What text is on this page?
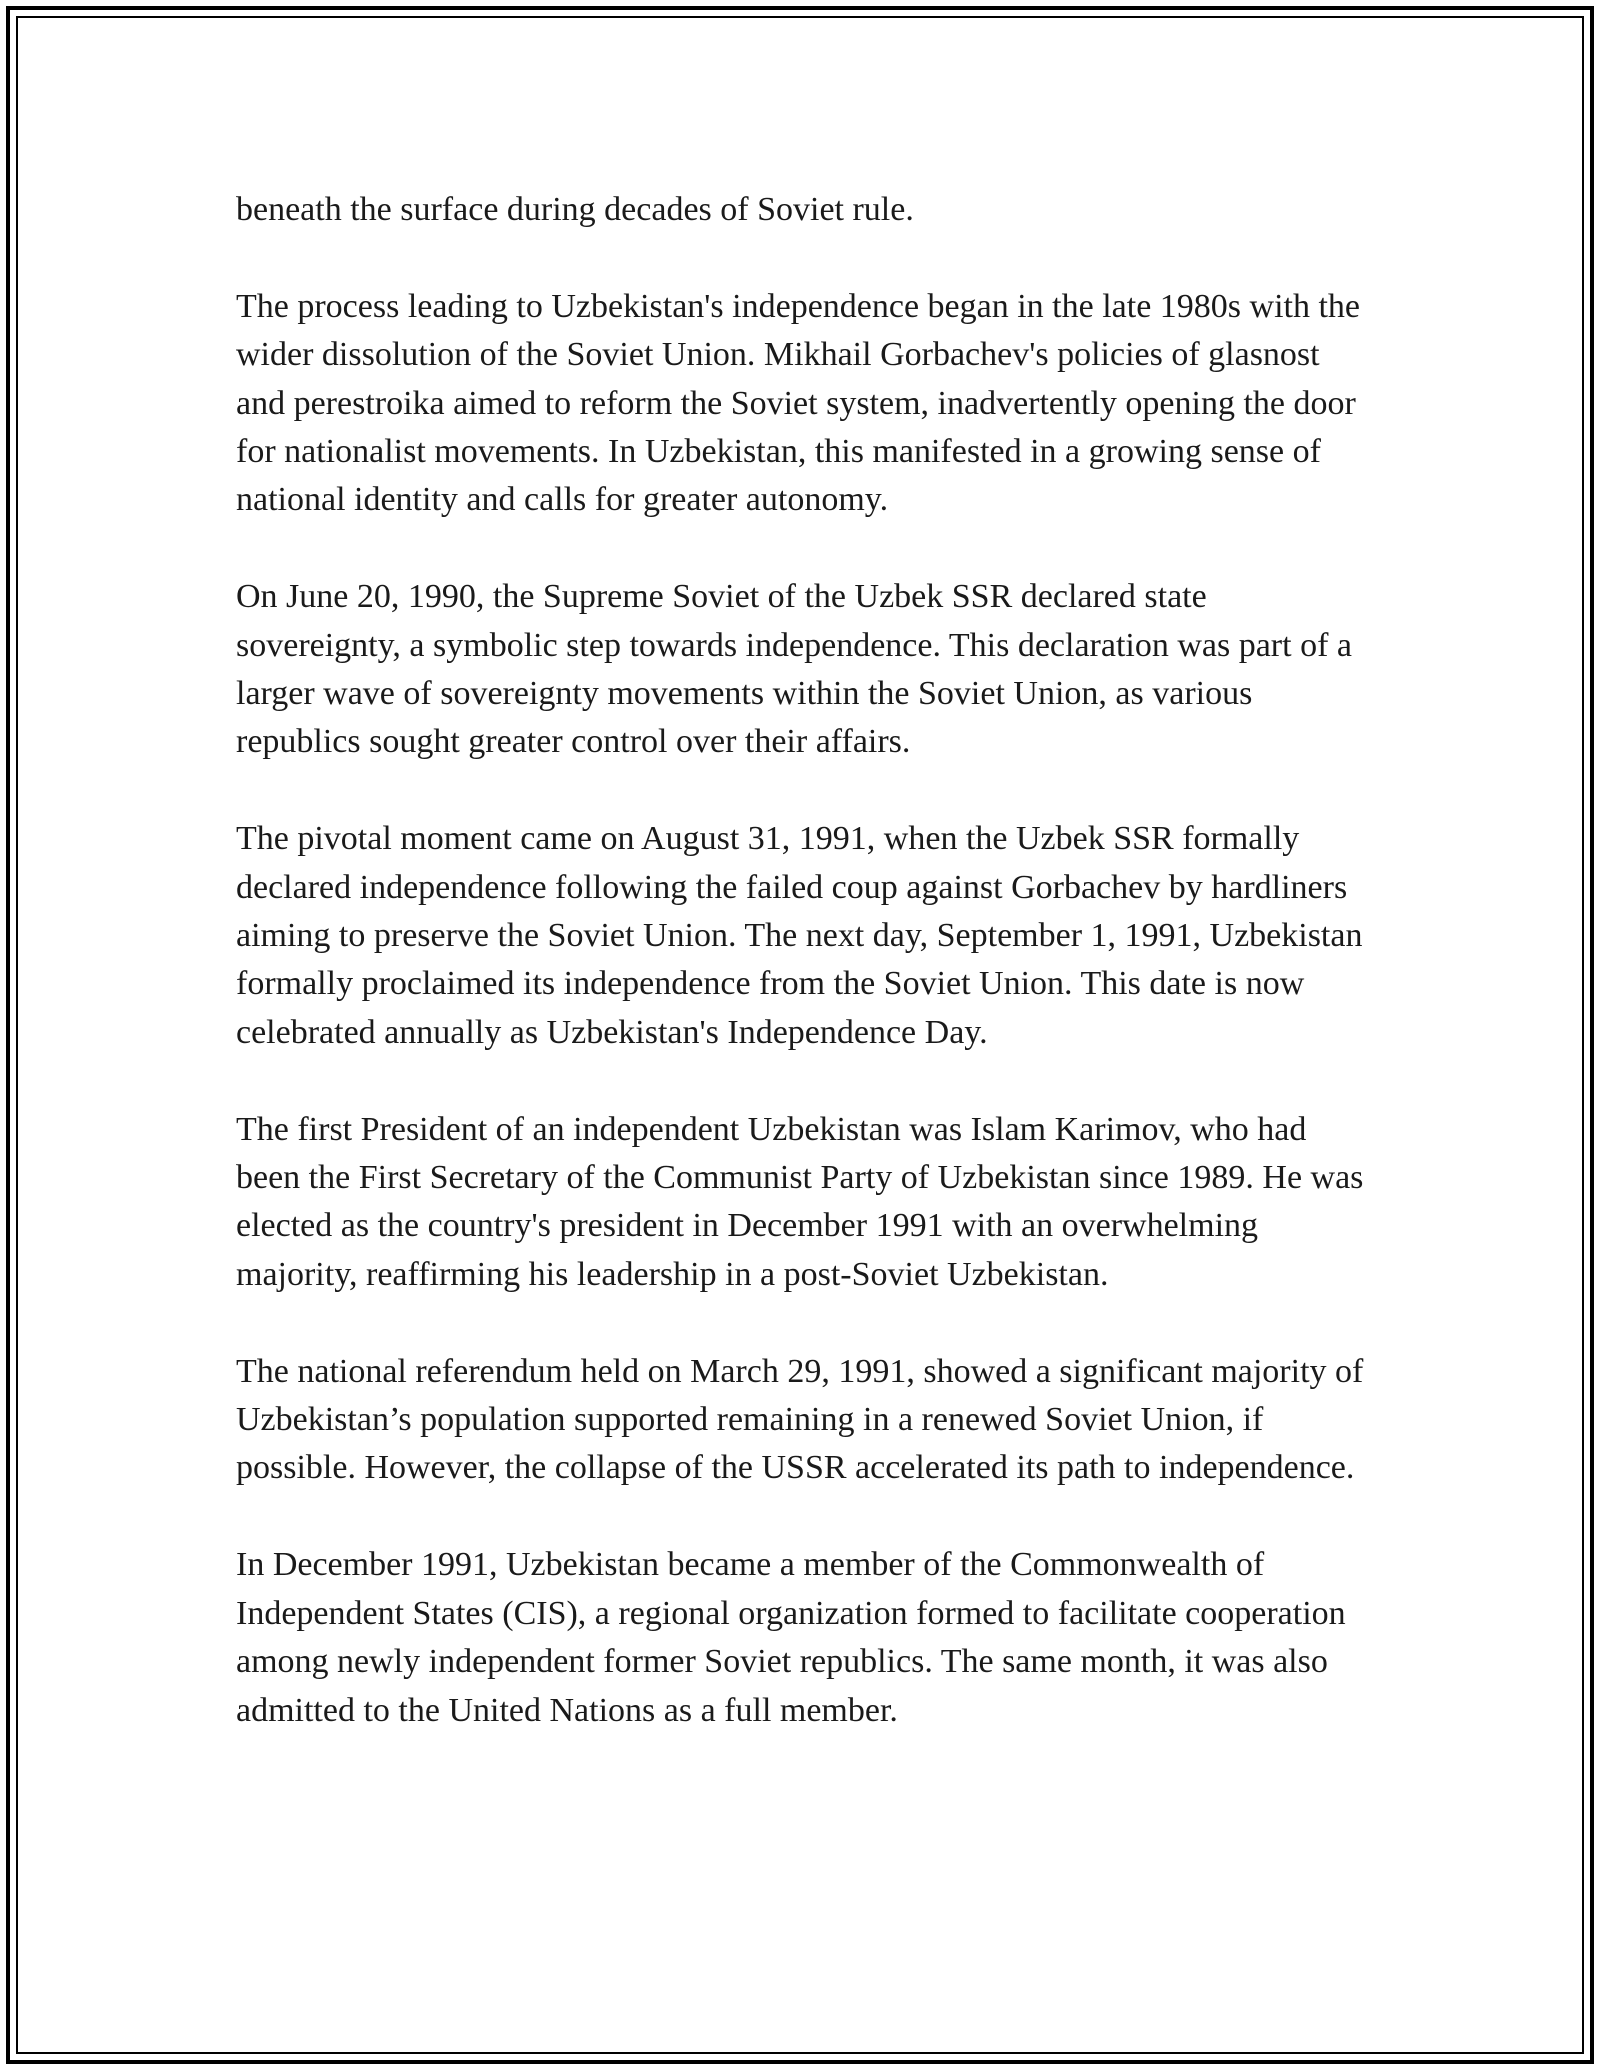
beneath the surface during decades of Soviet rule.

The process leading to Uzbekistan's independence began in the late 1980s with the wider dissolution of the Soviet Union. Mikhail Gorbachev's policies of glasnost and perestroika aimed to reform the Soviet system, inadvertently opening the door for nationalist movements. In Uzbekistan, this manifested in a growing sense of national identity and calls for greater autonomy.

On June 20, 1990, the Supreme Soviet of the Uzbek SSR declared state sovereignty, a symbolic step towards independence. This declaration was part of a larger wave of sovereignty movements within the Soviet Union, as various republics sought greater control over their affairs.

The pivotal moment came on August 31, 1991, when the Uzbek SSR formally declared independence following the failed coup against Gorbachev by hardliners aiming to preserve the Soviet Union. The next day, September 1, 1991, Uzbekistan formally proclaimed its independence from the Soviet Union. This date is now celebrated annually as Uzbekistan's Independence Day.

The first President of an independent Uzbekistan was Islam Karimov, who had been the First Secretary of the Communist Party of Uzbekistan since 1989. He was elected as the country's president in December 1991 with an overwhelming majority, reaffirming his leadership in a post-Soviet Uzbekistan.

The national referendum held on March 29, 1991, showed a significant majority of Uzbekistan’s population supported remaining in a renewed Soviet Union, if possible. However, the collapse of the USSR accelerated its path to independence.

In December 1991, Uzbekistan became a member of the Commonwealth of Independent States (CIS), a regional organization formed to facilitate cooperation among newly independent former Soviet republics. The same month, it was also admitted to the United Nations as a full member.
